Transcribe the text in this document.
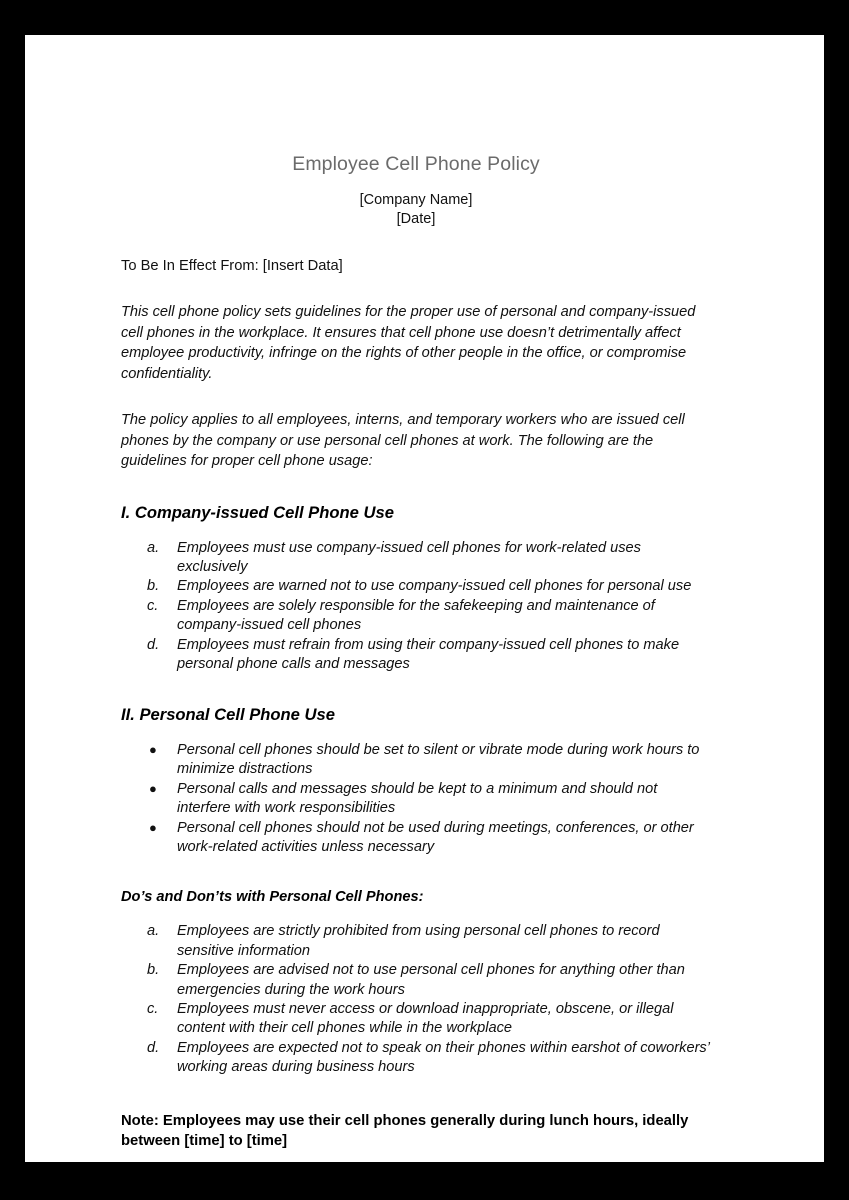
Employee Cell Phone Policy
[Company Name]
[Date]
To Be In Effect From: [Insert Data]

This cell phone policy sets guidelines for the proper use of personal and company-issued cell phones in the workplace. It ensures that cell phone use doesn’t detrimentally affect employee productivity, infringe on the rights of other people in the office, or compromise confidentiality.

The policy applies to all employees, interns, and temporary workers who are issued cell phones by the company or use personal cell phones at work. The following are the guidelines for proper cell phone usage:

I. Company-issued Cell Phone Use
a.	Employees must use company-issued cell phones for work-related uses exclusively
b.	Employees are warned not to use company-issued cell phones for personal use
c.	Employees are solely responsible for the safekeeping and maintenance of company-issued cell phones
d.	Employees must refrain from using their company-issued cell phones to make personal phone calls and messages
II. Personal Cell Phone Use
●	Personal cell phones should be set to silent or vibrate mode during work hours to minimize distractions
●	Personal calls and messages should be kept to a minimum and should not interfere with work responsibilities
●	Personal cell phones should not be used during meetings, conferences, or other work-related activities unless necessary
Do’s and Don’ts with Personal Cell Phones:
a.	Employees are strictly prohibited from using personal cell phones to record sensitive information
b.	Employees are advised not to use personal cell phones for anything other than emergencies during the work hours
c.	Employees must never access or download inappropriate, obscene, or illegal content with their cell phones while in the workplace
d.	Employees are expected not to speak on their phones within earshot of coworkers’ working areas during business hours

Note: Employees may use their cell phones generally during lunch hours, ideally between [time] to [time]
